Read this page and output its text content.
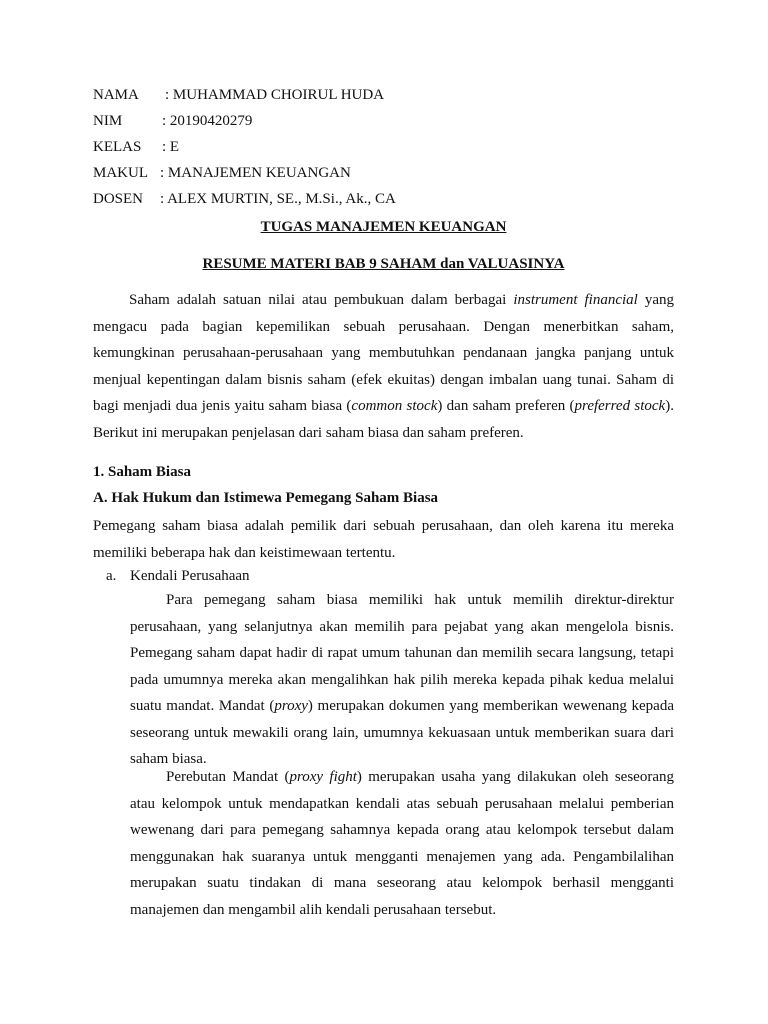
NAMA : MUHAMMAD CHOIRUL HUDA
NIM	: 20190420279
KELAS : E
MAKUL : MANAJEMEN KEUANGAN
DOSEN : ALEX MURTIN, SE., M.Si., Ak., CA
TUGAS MANAJEMEN KEUANGAN
RESUME MATERI BAB 9 SAHAM dan VALUASINYA
Saham adalah satuan nilai atau pembukuan dalam berbagai instrument financial yang mengacu pada bagian kepemilikan sebuah perusahaan. Dengan menerbitkan saham, kemungkinan perusahaan-perusahaan yang membutuhkan pendanaan jangka panjang untuk menjual kepentingan dalam bisnis saham (efek ekuitas) dengan imbalan uang tunai. Saham di bagi menjadi dua jenis yaitu saham biasa (common stock) dan saham preferen (preferred stock). Berikut ini merupakan penjelasan dari saham biasa dan saham preferen.
1. Saham Biasa
A. Hak Hukum dan Istimewa Pemegang Saham Biasa
Pemegang saham biasa adalah pemilik dari sebuah perusahaan, dan oleh karena itu mereka memiliki beberapa hak dan keistimewaan tertentu.
a. Kendali Perusahaan
Para pemegang saham biasa memiliki hak untuk memilih direktur-direktur perusahaan, yang selanjutnya akan memilih para pejabat yang akan mengelola bisnis. Pemegang saham dapat hadir di rapat umum tahunan dan memilih secara langsung, tetapi pada umumnya mereka akan mengalihkan hak pilih mereka kepada pihak kedua melalui suatu mandat. Mandat (proxy) merupakan dokumen yang memberikan wewenang kepada seseorang untuk mewakili orang lain, umumnya kekuasaan untuk memberikan suara dari saham biasa.
Perebutan Mandat (proxy fight) merupakan usaha yang dilakukan oleh seseorang atau kelompok untuk mendapatkan kendali atas sebuah perusahaan melalui pemberian wewenang dari para pemegang sahamnya kepada orang atau kelompok tersebut dalam menggunakan hak suaranya untuk mengganti menajemen yang ada. Pengambilalihan merupakan suatu tindakan di mana seseorang atau kelompok berhasil mengganti manajemen dan mengambil alih kendali perusahaan tersebut.
